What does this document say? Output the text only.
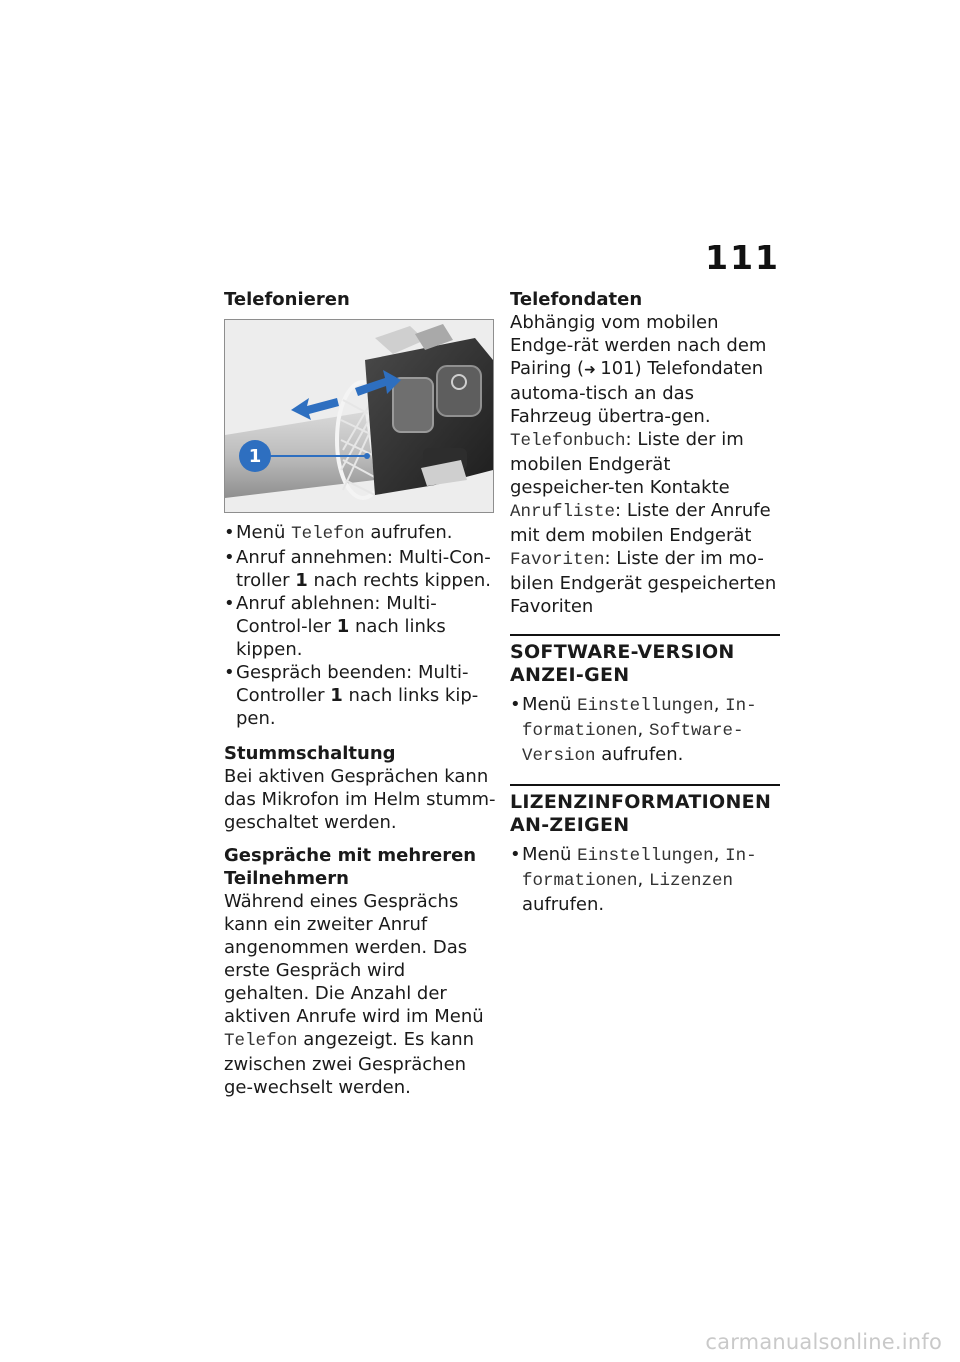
111

Telefonieren

1
• Menü Telefon aufrufen.
• Anruf annehmen: Multi-Con-troller 1 nach rechts kippen.
• Anruf ablehnen: Multi-Control-ler 1 nach links kippen.
• Gespräch beenden: Multi-Controller 1 nach links kip-pen.

Stummschaltung

Bei aktiven Gesprächen kann das Mikrofon im Helm stumm-geschaltet werden.

Gespräche mit mehreren Teilnehmern

Während eines Gesprächs kann ein zweiter Anruf angenommen werden. Das erste Gespräch wird gehalten. Die Anzahl der aktiven Anrufe wird im Menü Telefon angezeigt. Es kann zwischen zwei Gesprächen ge-wechselt werden.

Telefondaten

Abhängig vom mobilen Endge-rät werden nach dem Pairing (➜ 101) Telefondaten automa-tisch an das Fahrzeug übertra-gen.

Telefonbuch: Liste der im mobilen Endgerät gespeicher-ten Kontakte

Anrufliste: Liste der Anrufe mit dem mobilen Endgerät

Favoriten: Liste der im mo-bilen Endgerät gespeicherten Favoriten

SOFTWARE-VERSION ANZEI-GEN
• Menü Einstellungen, In-formationen, Software-Version aufrufen.
LIZENZINFORMATIONEN AN-ZEIGEN
• Menü Einstellungen, In-formationen, Lizenzen aufrufen.
carmanualsonline.info
